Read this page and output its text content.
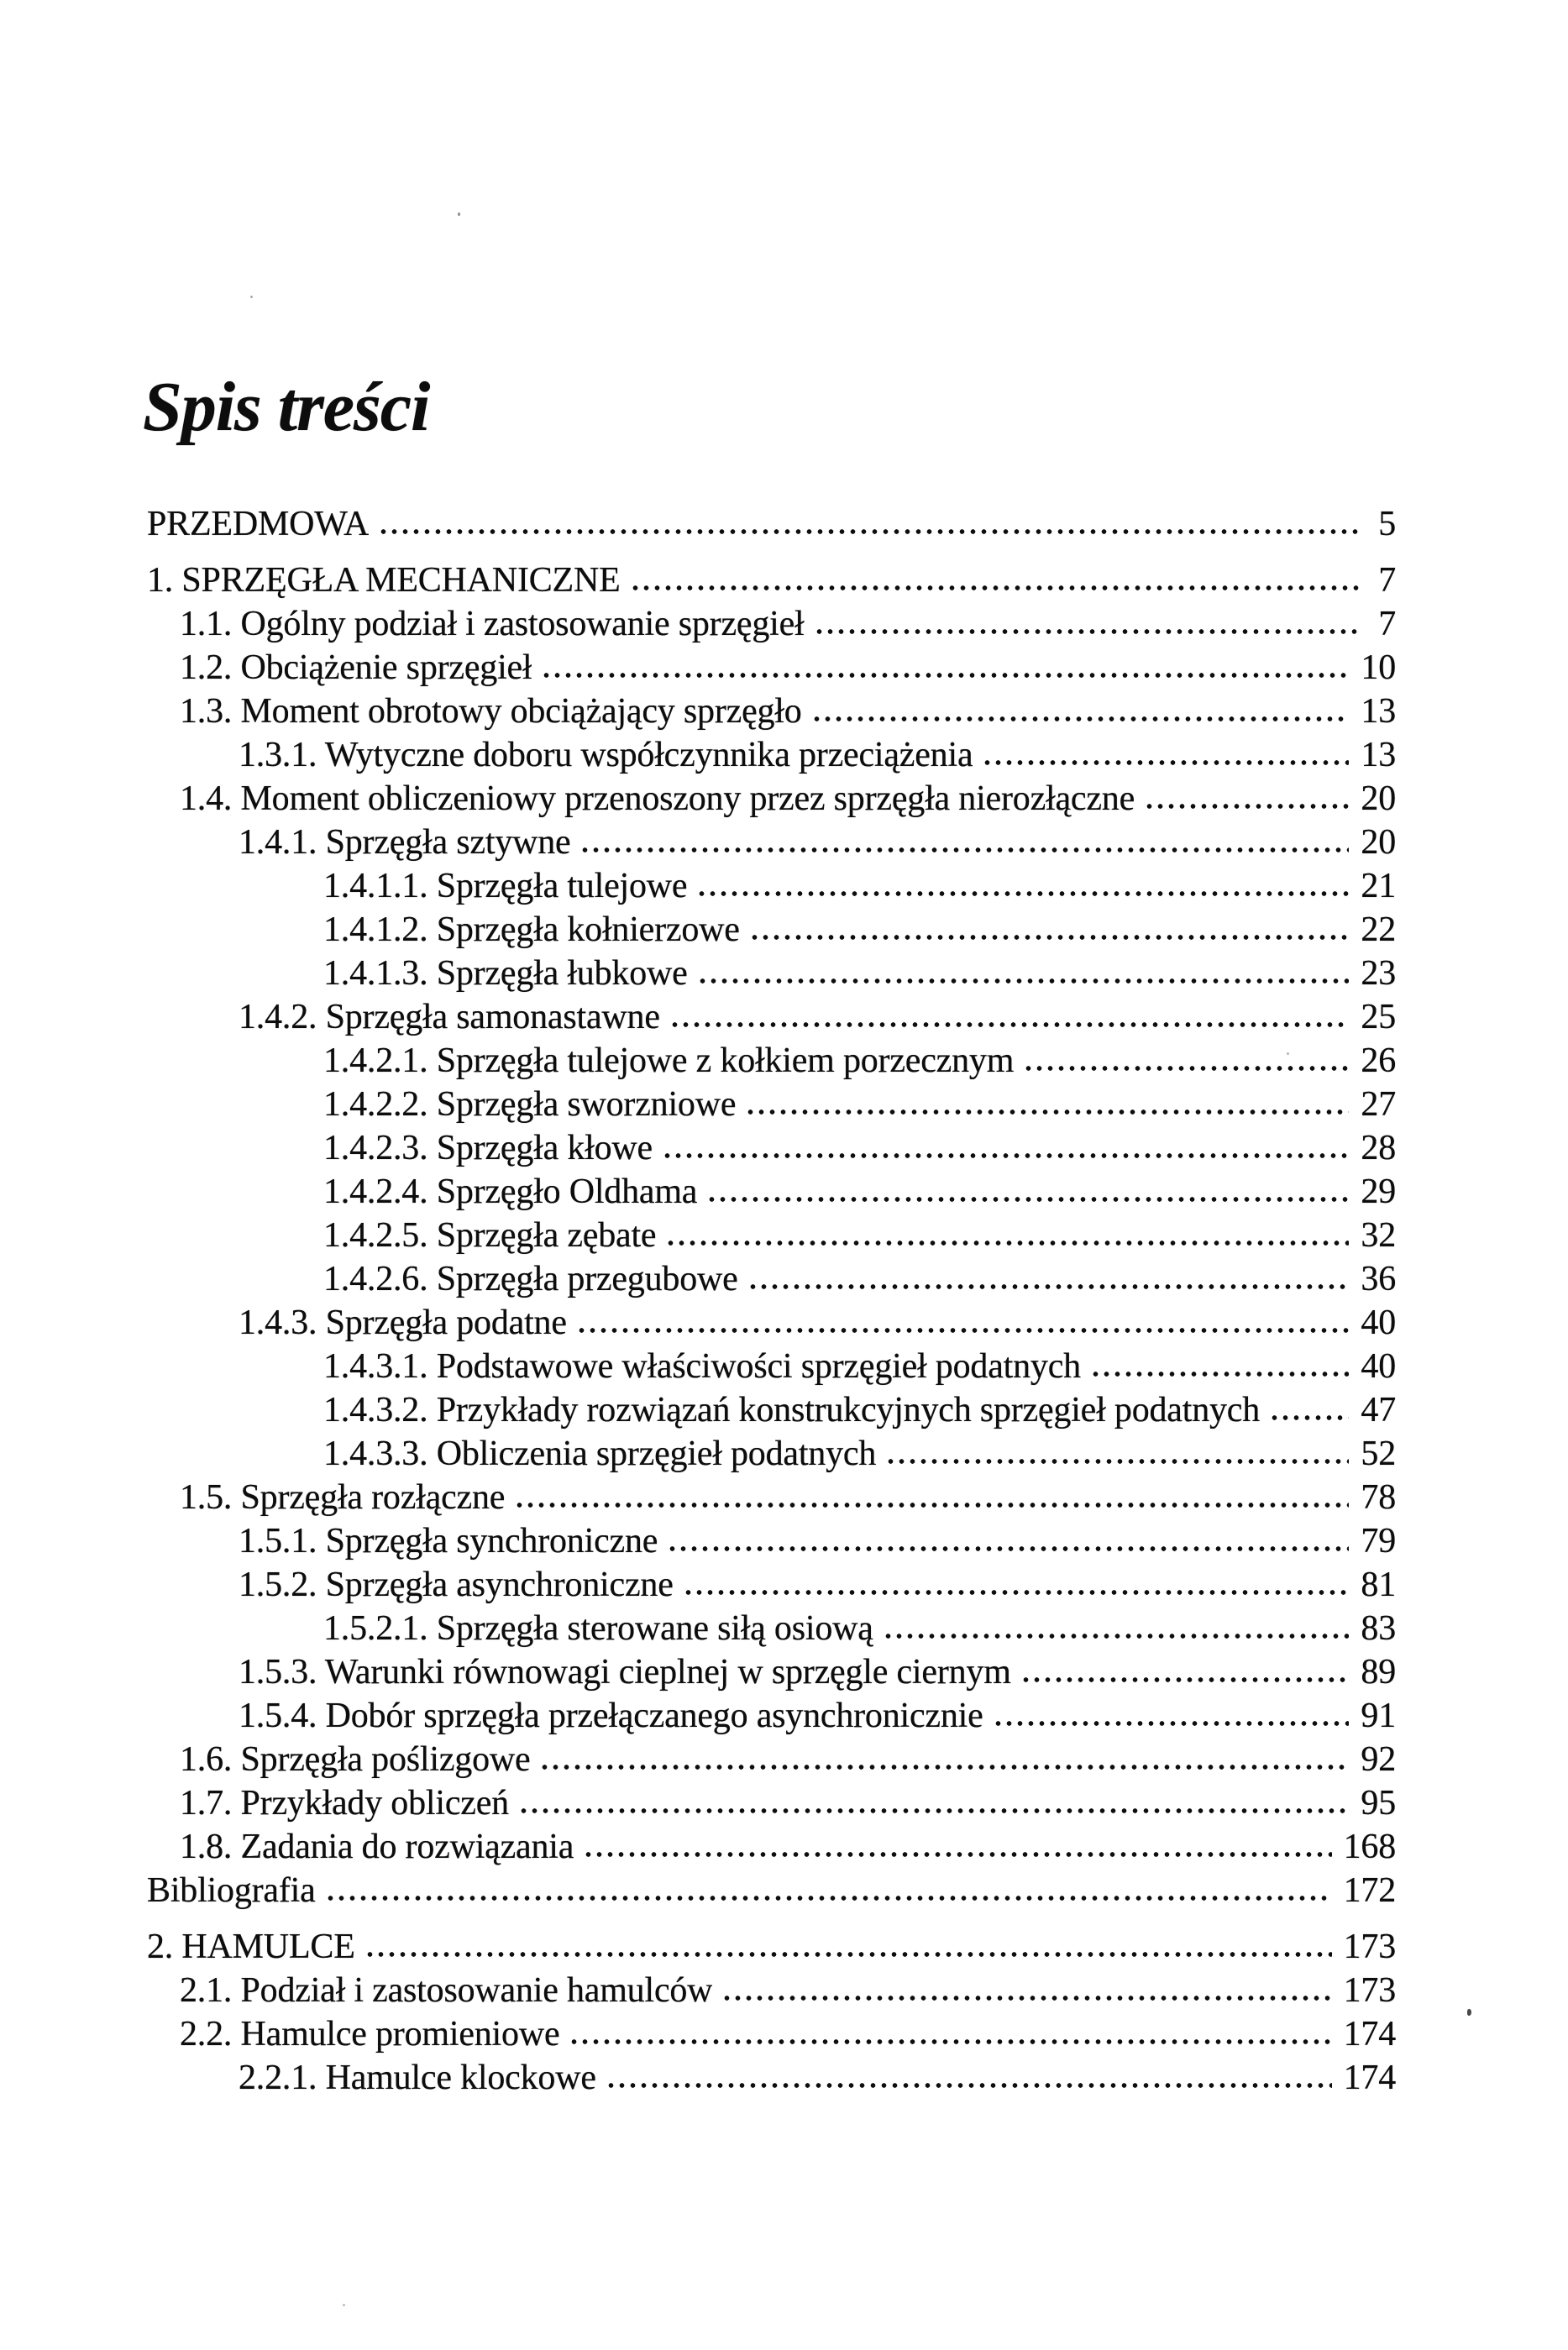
Spis treści
PRZEDMOWA	5
1. SPRZĘGŁA MECHANICZNE	7
1.1. Ogólny podział i zastosowanie sprzęgieł	7
1.2. Obciążenie sprzęgieł	10
1.3. Moment obrotowy obciążający sprzęgło	13
1.3.1. Wytyczne doboru współczynnika przeciążenia	13
1.4. Moment obliczeniowy przenoszony przez sprzęgła nierozłączne	20
1.4.1. Sprzęgła sztywne	20
1.4.1.1. Sprzęgła tulejowe	21
1.4.1.2. Sprzęgła kołnierzowe	22
1.4.1.3. Sprzęgła łubkowe	23
1.4.2. Sprzęgła samonastawne	25
1.4.2.1. Sprzęgła tulejowe z kołkiem porzecznym	26
1.4.2.2. Sprzęgła sworzniowe	27
1.4.2.3. Sprzęgła kłowe	28
1.4.2.4. Sprzęgło Oldhama	29
1.4.2.5. Sprzęgła zębate	32
1.4.2.6. Sprzęgła przegubowe	36
1.4.3. Sprzęgła podatne	40
1.4.3.1. Podstawowe właściwości sprzęgieł podatnych	40
1.4.3.2. Przykłady rozwiązań konstrukcyjnych sprzęgieł podatnych	47
1.4.3.3. Obliczenia sprzęgieł podatnych	52
1.5. Sprzęgła rozłączne	78
1.5.1. Sprzęgła synchroniczne	79
1.5.2. Sprzęgła asynchroniczne	81
1.5.2.1. Sprzęgła sterowane siłą osiową	83
1.5.3. Warunki równowagi cieplnej w sprzęgle ciernym	89
1.5.4. Dobór sprzęgła przełączanego asynchronicznie	91
1.6. Sprzęgła poślizgowe	92
1.7. Przykłady obliczeń	95
1.8. Zadania do rozwiązania	168
Bibliografia	172
2. HAMULCE	173
2.1. Podział i zastosowanie hamulców	173
2.2. Hamulce promieniowe	174
2.2.1. Hamulce klockowe	174
